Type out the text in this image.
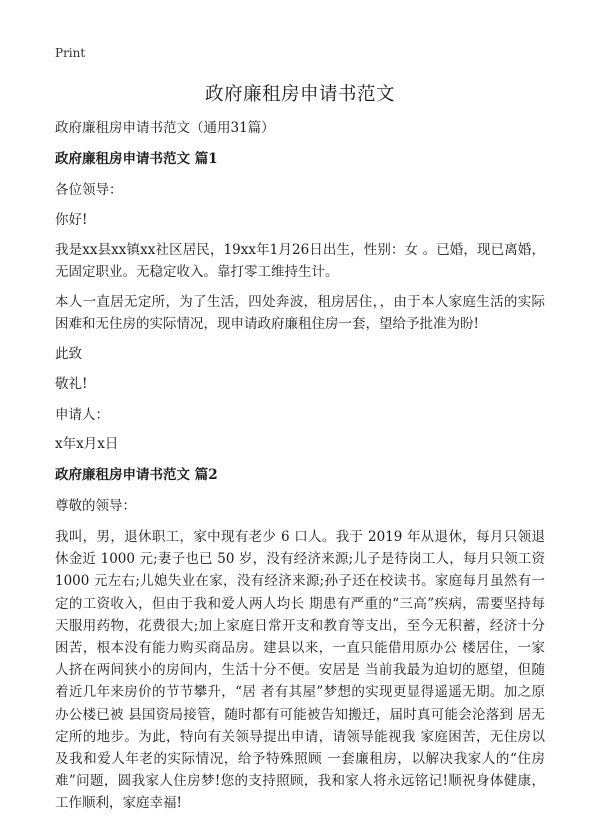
Print
政府廉租房申请书范文

政府廉租房申请书范文（通用31篇）

政府廉租房申请书范文 篇1

各位领导：

你好!

我是xx县xx镇xx社区居民，19xx年1月26日出生，性别：女 。已婚，现已离婚，无固定职业。无稳定收入。靠打零工维持生计。

本人一直居无定所，为了生活，四处奔波，租房居住，，由于本人家庭生活的实际困难和无住房的实际情况，现申请政府廉租住房一套，望给予批准为盼!

此致

敬礼!

申请人：

x年x月x日

政府廉租房申请书范文 篇2

尊敬的领导：

我叫，男，退休职工，家中现有老少 6 口人。我于 2019 年从退休，每月只领退休金近 1000 元;妻子也已 50 岁，没有经济来源;儿子是待岗工人，每月只领工资 1000 元左右;儿媳失业在家，没有经济来源;孙子还在校读书。家庭每月虽然有一定的工资收入，但由于我和爱人两人均长 期患有严重的“三高”疾病，需要坚持每天服用药物，花费很大;加上家庭日常开支和教育等支出，至今无积蓄，经济十分困苦，根本没有能力购买商品房。建县以来，一直只能借用原办公 楼居住，一家人挤在两间狭小的房间内，生活十分不便。安居是 当前我最为迫切的愿望，但随着近几年来房价的节节攀升，“居 者有其屋”梦想的实现更显得遥遥无期。加之原办公楼已被 县国资局接管，随时都有可能被告知搬迁，届时真可能会沦落到 居无定所的地步。为此，特向有关领导提出申请，请领导能视我 家庭困苦，无住房以及我和爱人年老的实际情况，给予特殊照顾 一套廉租房，以解决我家人的“住房难”问题，圆我家人住房梦!您的支持照顾，我和家人将永远铭记!顺祝身体健康，工作顺利，家庭幸福!
